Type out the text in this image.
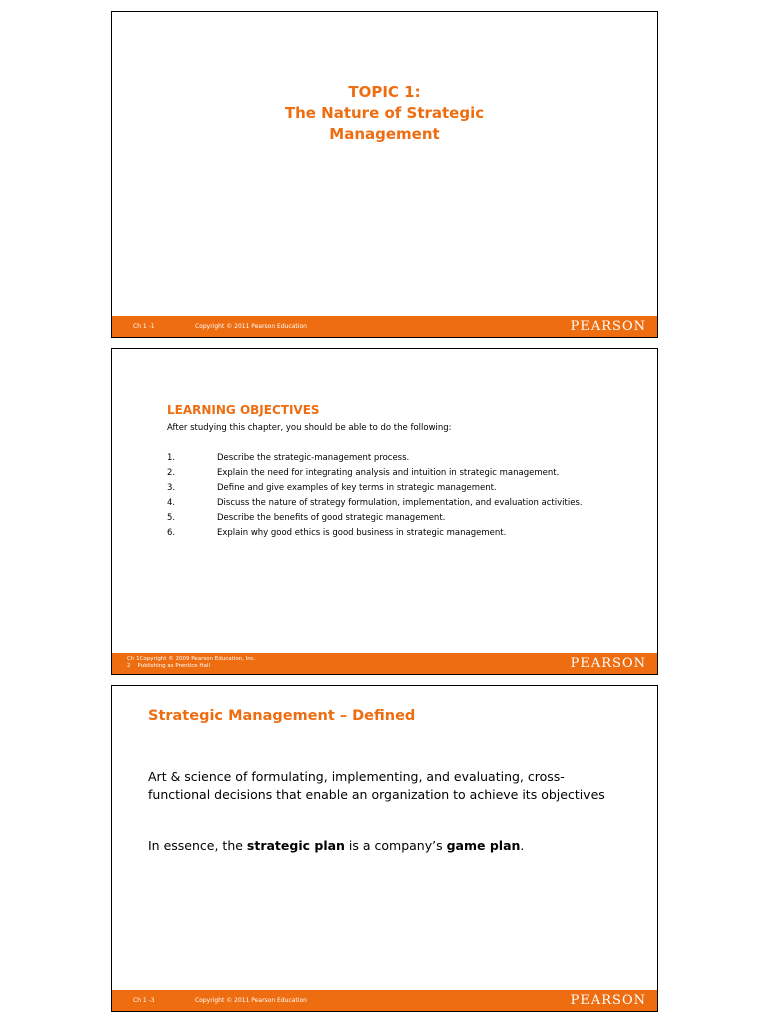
TOPIC 1:
The Nature of Strategic
Management
Ch 1 -1	Copyright © 2011 Pearson Education	PEARSON
LEARNING OBJECTIVES
After studying this chapter, you should be able to do the following:
1.	Describe the strategic-management process.
2.	Explain the need for integrating analysis and intuition in strategic management.
3.	Define and give examples of key terms in strategic management.
4.	Discuss the nature of strategy formulation, implementation, and evaluation activities.
5.	Describe the benefits of good strategic management.
6.	Explain why good ethics is good business in strategic management.
Ch 1Copyright © 2009 Pearson Education, Inc.
2    Publishing as Prentice Hall	PEARSON
Strategic Management – Defined
Art & science of formulating, implementing, and evaluating, cross-functional decisions that enable an organization to achieve its objectives
In essence, the strategic plan is a company’s game plan.
Ch 1 -3	Copyright © 2011 Pearson Education	PEARSON
